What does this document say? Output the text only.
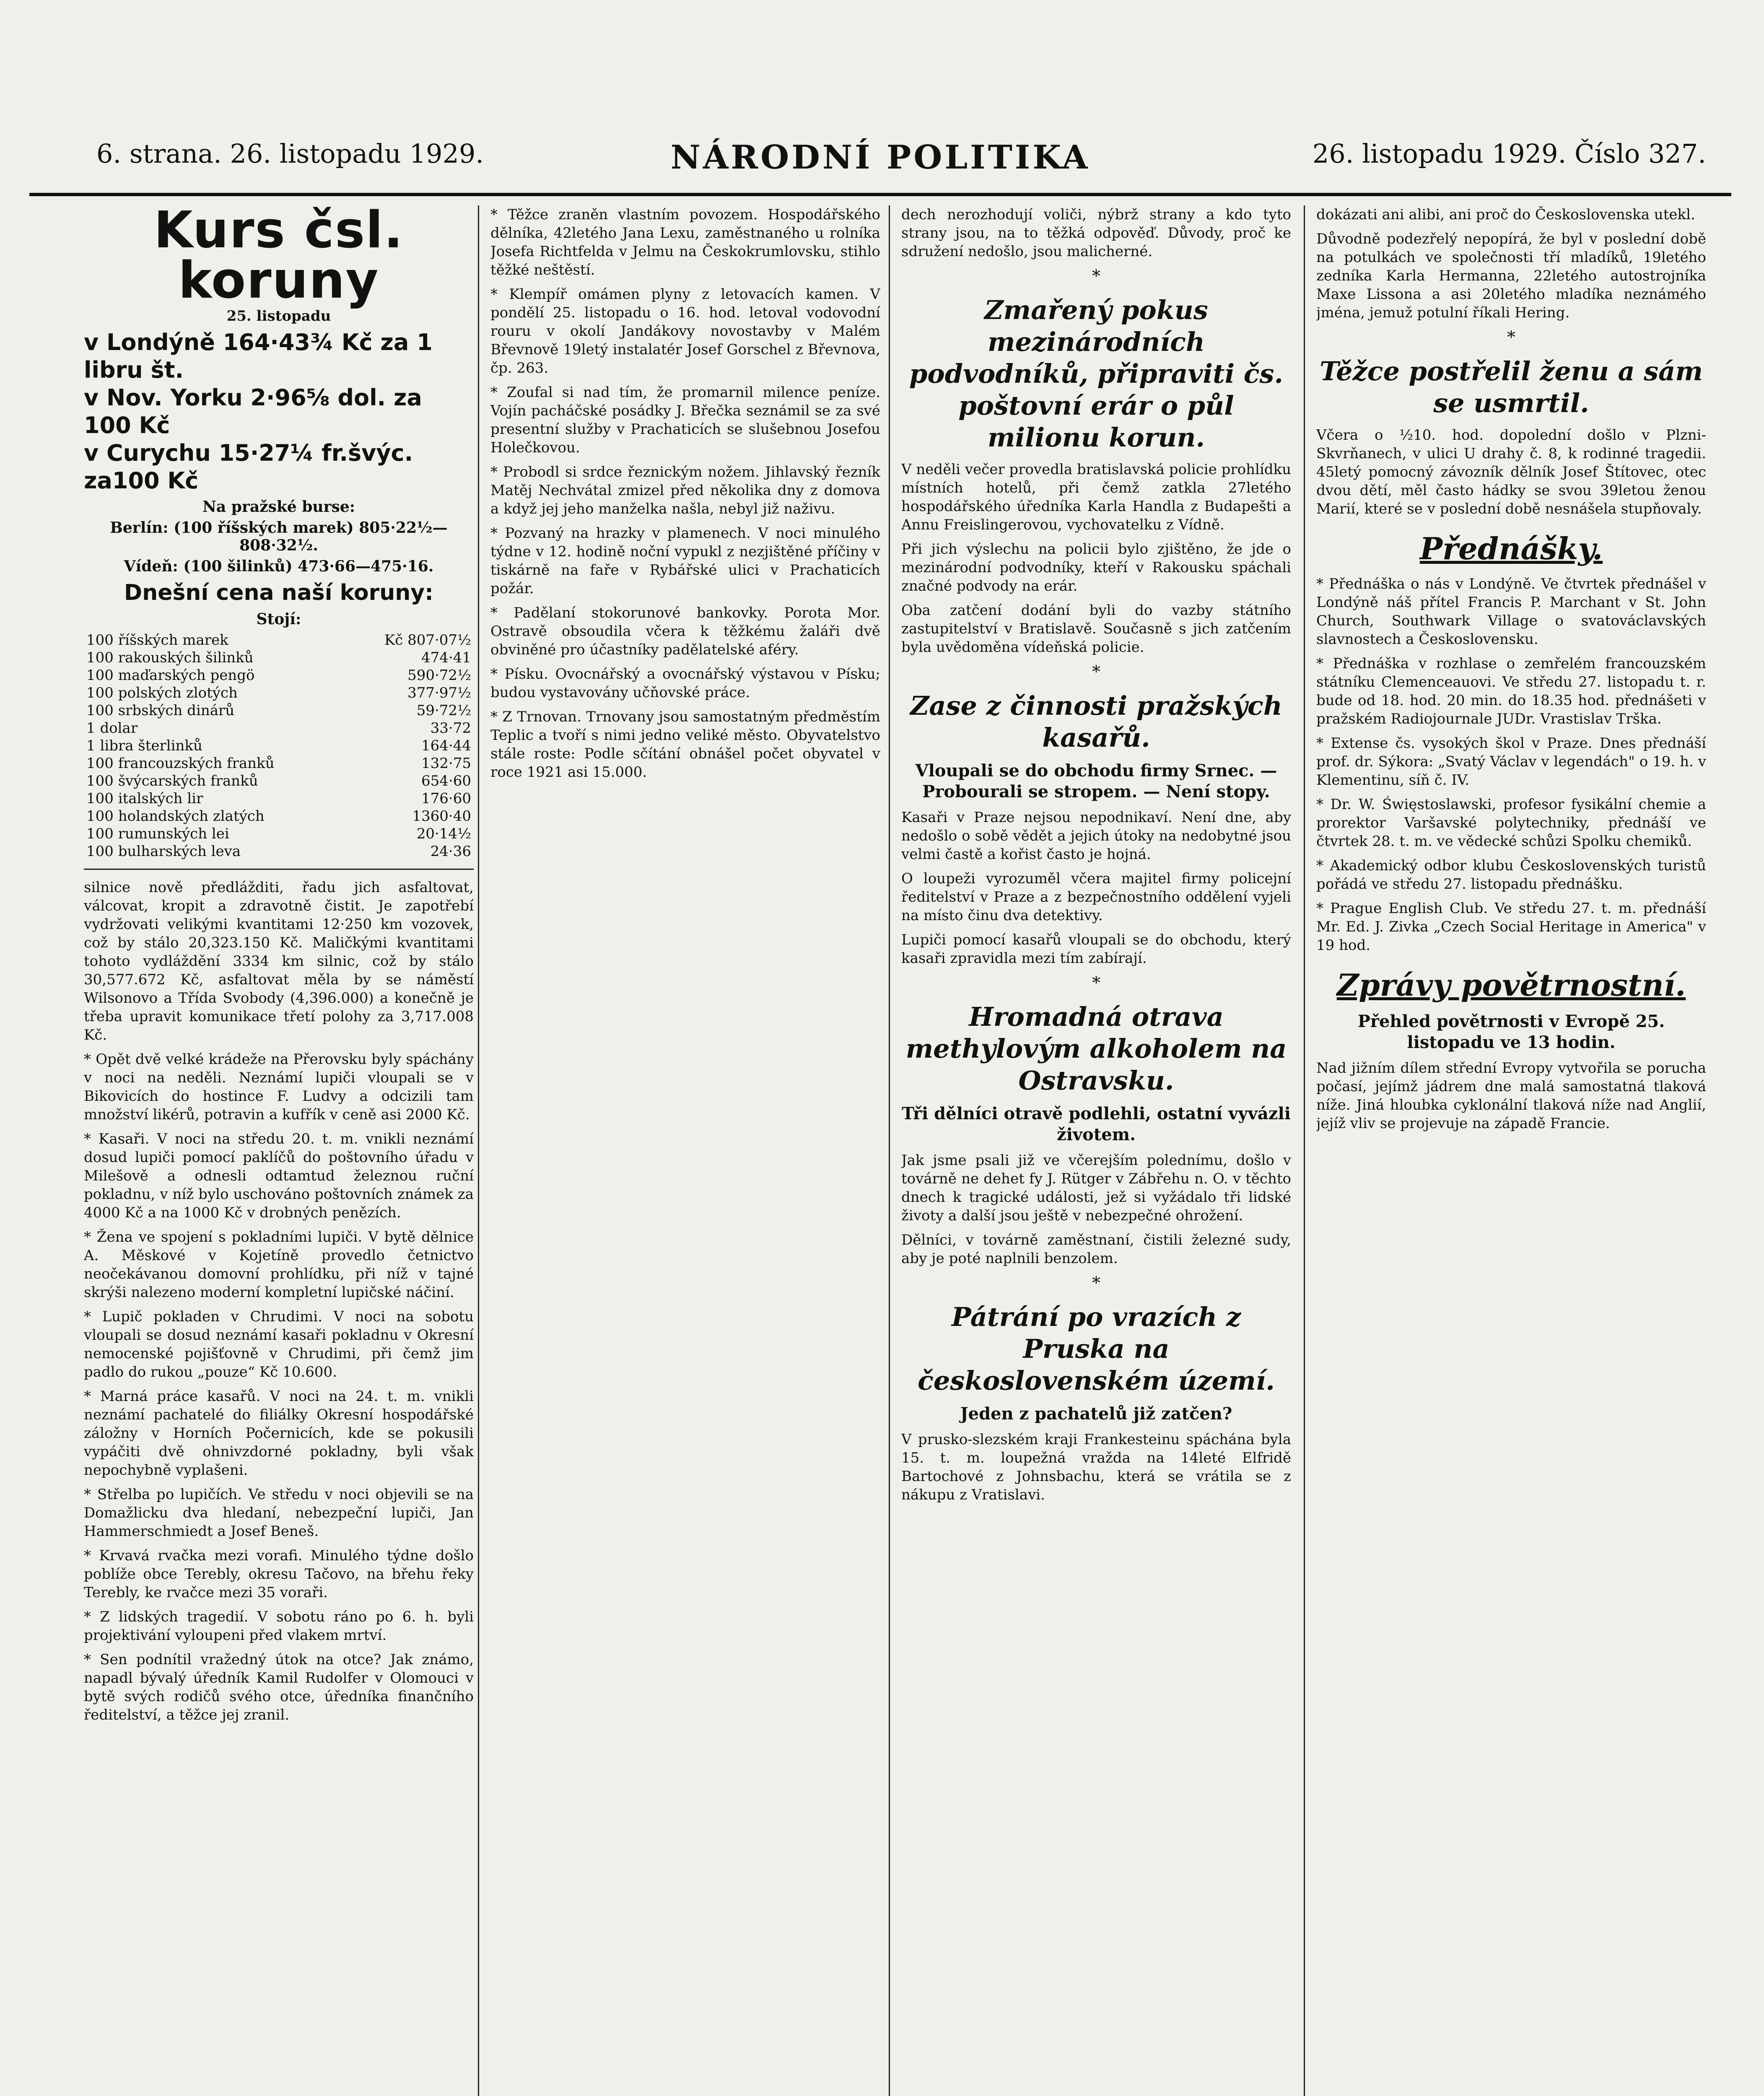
6. strana. 26. listopadu 1929.	NÁRODNÍ POLITIKA	26. listopadu 1929. Číslo 327.
Kurs čsl. koruny
25. listopadu
v Londýně 164·43¾ Kč za 1 libru št.
v Nov. Yorku 2·96⅝ dol. za 100 Kč
v Curychu 15·27¼ fr.švýc. za100 Kč
Na pražské burse:
Berlín: (100 říšských marek) 805·22½—808·32½.
Vídeň: (100 šilinků) 473·66—475·16.
Dnešní cena naší koruny:
Stojí:
100 říšských marek	Kč 807·07½
100 rakouských šilinků	474·41
100 maďarských pengö	590·72½
100 polských zlotých	377·97½
100 srbských dinárů	59·72½
1 dolar	33·72
1 libra šterlinků	164·44
100 francouzských franků	132·75
100 švýcarských franků	654·60
100 italských lir	176·60
100 holandských zlatých	1360·40
100 rumunských lei	20·14½
100 bulharských leva	24·36

silnice nově předlážditi, řadu jich asfaltovat, válcovat, kropit a zdravotně čistit. Je zapotřebí vydržovati velikými kvantitami 12·250 km vozovek, což by stálo 20,323.150 Kč. Maličkými kvantitami tohoto vydláždění 3334 km silnic, což by stálo 30,577.672 Kč, asfaltovat měla by se náměstí Wilsonovo a Třída Svobody (4,396.000) a konečně je třeba upravit komunikace třetí polohy za 3,717.008 Kč.

* Opět dvě velké krádeže na Přerovsku byly spáchány v noci na neděli. Neznámí lupiči vloupali se v Bikovicích do hostince F. Ludvy a odcizili tam množství likérů, potravin a kufřík v ceně asi 2000 Kč.

* Kasaři. V noci na středu 20. t. m. vnikli neznámí dosud lupiči pomocí paklíčů do poštovního úřadu v Milešově a odnesli odtamtud železnou ruční pokladnu, v níž bylo uschováno poštovních známek za 4000 Kč a na 1000 Kč v drobných penězích.

* Žena ve spojení s pokladními lupiči. V bytě dělnice A. Měskové v Kojetíně provedlo četnictvo neočekávanou domovní prohlídku, při níž v tajné skrýši nalezeno moderní kompletní lupičské náčiní.

* Lupič pokladen v Chrudimi. V noci na sobotu vloupali se dosud neznámí kasaři pokladnu v Okresní nemocenské pojišťovně v Chrudimi, při čemž jim padlo do rukou „pouze“ Kč 10.600.

* Marná práce kasařů. V noci na 24. t. m. vnikli neznámí pachatelé do filiálky Okresní hospodářské záložny v Horních Počernicích, kde se pokusili vypáčiti dvě ohnivzdorné pokladny, byli však nepochybně vyplašeni.

* Střelba po lupičích. Ve středu v noci objevili se na Domažlicku dva hledaní, nebezpeční lupiči, Jan Hammerschmiedt a Josef Beneš.

* Krvavá rvačka mezi vorafi. Minulého týdne došlo poblíže obce Terebly, okresu Tačovo, na břehu řeky Terebly, ke rvačce mezi 35 voraři.

* Z lidských tragedií. V sobotu ráno po 6. h. byli projektivání vyloupeni před vlakem mrtví.

* Sen podnítil vražedný útok na otce? Jak známo, napadl bývalý úředník Kamil Rudolfer v Olomouci v bytě svých rodičů svého otce, úředníka finančního ředitelství, a těžce jej zranil.

* Těžce zraněn vlastním povozem. Hospodářského dělníka, 42letého Jana Lexu, zaměstnaného u rolníka Josefa Richtfelda v Jelmu na Českokrumlovsku, stihlo těžké neštěstí.

* Klempíř omámen plyny z letovacích kamen. V pondělí 25. listopadu o 16. hod. letoval vodovodní rouru v okolí Jandákovy novostavby v Malém Břevnově 19letý instalatér Josef Gorschel z Břevnova, čp. 263.

* Zoufal si nad tím, že promarnil milence peníze. Vojín pacháčské posádky J. Břečka seznámil se za své presentní služby v Prachaticích se slušebnou Josefou Holečkovou.

* Probodl si srdce řeznickým nožem. Jihlavský řezník Matěj Nechvátal zmizel před několika dny z domova a když jej jeho manželka našla, nebyl již naživu.

* Pozvaný na hrazky v plamenech. V noci minulého týdne v 12. hodině noční vypukl z nezjištěné příčiny v tiskárně na faře v Rybářské ulici v Prachaticích požár.

* Padělaní stokorunové bankovky. Porota Mor. Ostravě obsoudila včera k těžkému žaláři dvě obviněné pro účastníky padělatelské aféry.

* Písku. Ovocnářský a ovocnářský výstavou v Písku; budou vystavovány učňovské práce.

* Z Trnovan. Trnovany jsou samostatným předměstím Teplic a tvoří s nimi jedno veliké město. Obyvatelstvo stále roste: Podle sčítání obnášel počet obyvatel v roce 1921 asi 15.000.

dech nerozhodují voliči, nýbrž strany a kdo tyto strany jsou, na to těžká odpověď. Důvody, proč ke sdružení nedošlo, jsou malicherné.

*
Zmařený pokus mezinárodních podvodníků, připraviti čs. poštovní erár o půl milionu korun.

V neděli večer provedla bratislavská policie prohlídku místních hotelů, při čemž zatkla 27letého hospodářského úředníka Karla Handla z Budapešti a Annu Freislingerovou, vychovatelku z Vídně.

Při jich výslechu na policii bylo zjištěno, že jde o mezinárodní podvodníky, kteří v Rakousku spáchali značné podvody na erár.

Oba zatčení dodání byli do vazby státního zastupitelství v Bratislavě. Současně s jich zatčením byla uvědoměna vídeňská policie.

*
Zase z činnosti pražských kasařů.
Vloupali se do obchodu firmy Srnec. — Probourali se stropem. — Není stopy.

Kasaři v Praze nejsou nepodnikaví. Není dne, aby nedošlo o sobě vědět a jejich útoky na nedobytné jsou velmi častě a kořist často je hojná.

O loupeži vyrozuměl včera majitel firmy policejní ředitelství v Praze a z bezpečnostního oddělení vyjeli na místo činu dva detektivy.

Lupiči pomocí kasařů vloupali se do obchodu, který kasaři zpravidla mezi tím zabírají.

*
Hromadná otrava methylovým alkoholem na Ostravsku.
Tři dělníci otravě podlehli, ostatní vyvázli životem.

Jak jsme psali již ve včerejším polednímu, došlo v továrně ne dehet fy J. Rütger v Zábřehu n. O. v těchto dnech k tragické události, jež si vyžádalo tři lidské životy a další jsou ještě v nebezpečné ohrožení.

Dělníci, v továrně zaměstnaní, čistili železné sudy, aby je poté naplnili benzolem.

*
Pátrání po vrazích z Pruska na československém území.
Jeden z pachatelů již zatčen?

V prusko-slezském kraji Frankesteinu spáchána byla 15. t. m. loupežná vražda na 14leté Elfridě Bartochové z Johnsbachu, která se vrátila se z nákupu z Vratislavi.

dokázati ani alibi, ani proč do Československa utekl.

Důvodně podezřelý nepopírá, že byl v poslední době na potulkách ve společnosti tří mladíků, 19letého zedníka Karla Hermanna, 22letého autostrojníka Maxe Lissona a asi 20letého mladíka neznámého jména, jemuž potulní říkali Hering.

*
Těžce postřelil ženu a sám se usmrtil.

Včera o ½10. hod. dopolední došlo v Plzni-Skvrňanech, v ulici U drahy č. 8, k rodinné tragedii. 45letý pomocný závozník dělník Josef Štítovec, otec dvou dětí, měl často hádky se svou 39letou ženou Marií, které se v poslední době nesnášela stupňovaly.

Přednášky.

* Přednáška o nás v Londýně. Ve čtvrtek přednášel v Londýně náš přítel Francis P. Marchant v St. John Church, Southwark Village o svatováclavských slavnostech a Československu.

* Přednáška v rozhlase o zemřelém francouzském státníku Clemenceauovi. Ve středu 27. listopadu t. r. bude od 18. hod. 20 min. do 18.35 hod. přednášeti v pražském Radiojournale JUDr. Vrastislav Trška.

* Extense čs. vysokých škol v Praze. Dnes přednáší prof. dr. Sýkora: „Svatý Václav v legendách" o 19. h. v Klementinu, síň č. IV.

* Dr. W. Święstoslawski, profesor fysikální chemie a prorektor Varšavské polytechniky, přednáší ve čtvrtek 28. t. m. ve vědecké schůzi Spolku chemiků.

* Akademický odbor klubu Československých turistů pořádá ve středu 27. listopadu přednášku.

* Prague English Club. Ve středu 27. t. m. přednáší Mr. Ed. J. Zivka „Czech Social Heritage in America" v 19 hod.

Zprávy povětrnostní.
Přehled povětrnosti v Evropě 25. listopadu ve 13 hodin.

Nad jižním dílem střední Evropy vytvořila se porucha počasí, jejímž jádrem dne malá samostatná tlaková níže. Jiná hloubka cyklonální tlaková níže nad Anglií, jejíž vliv se projevuje na západě Francie.
